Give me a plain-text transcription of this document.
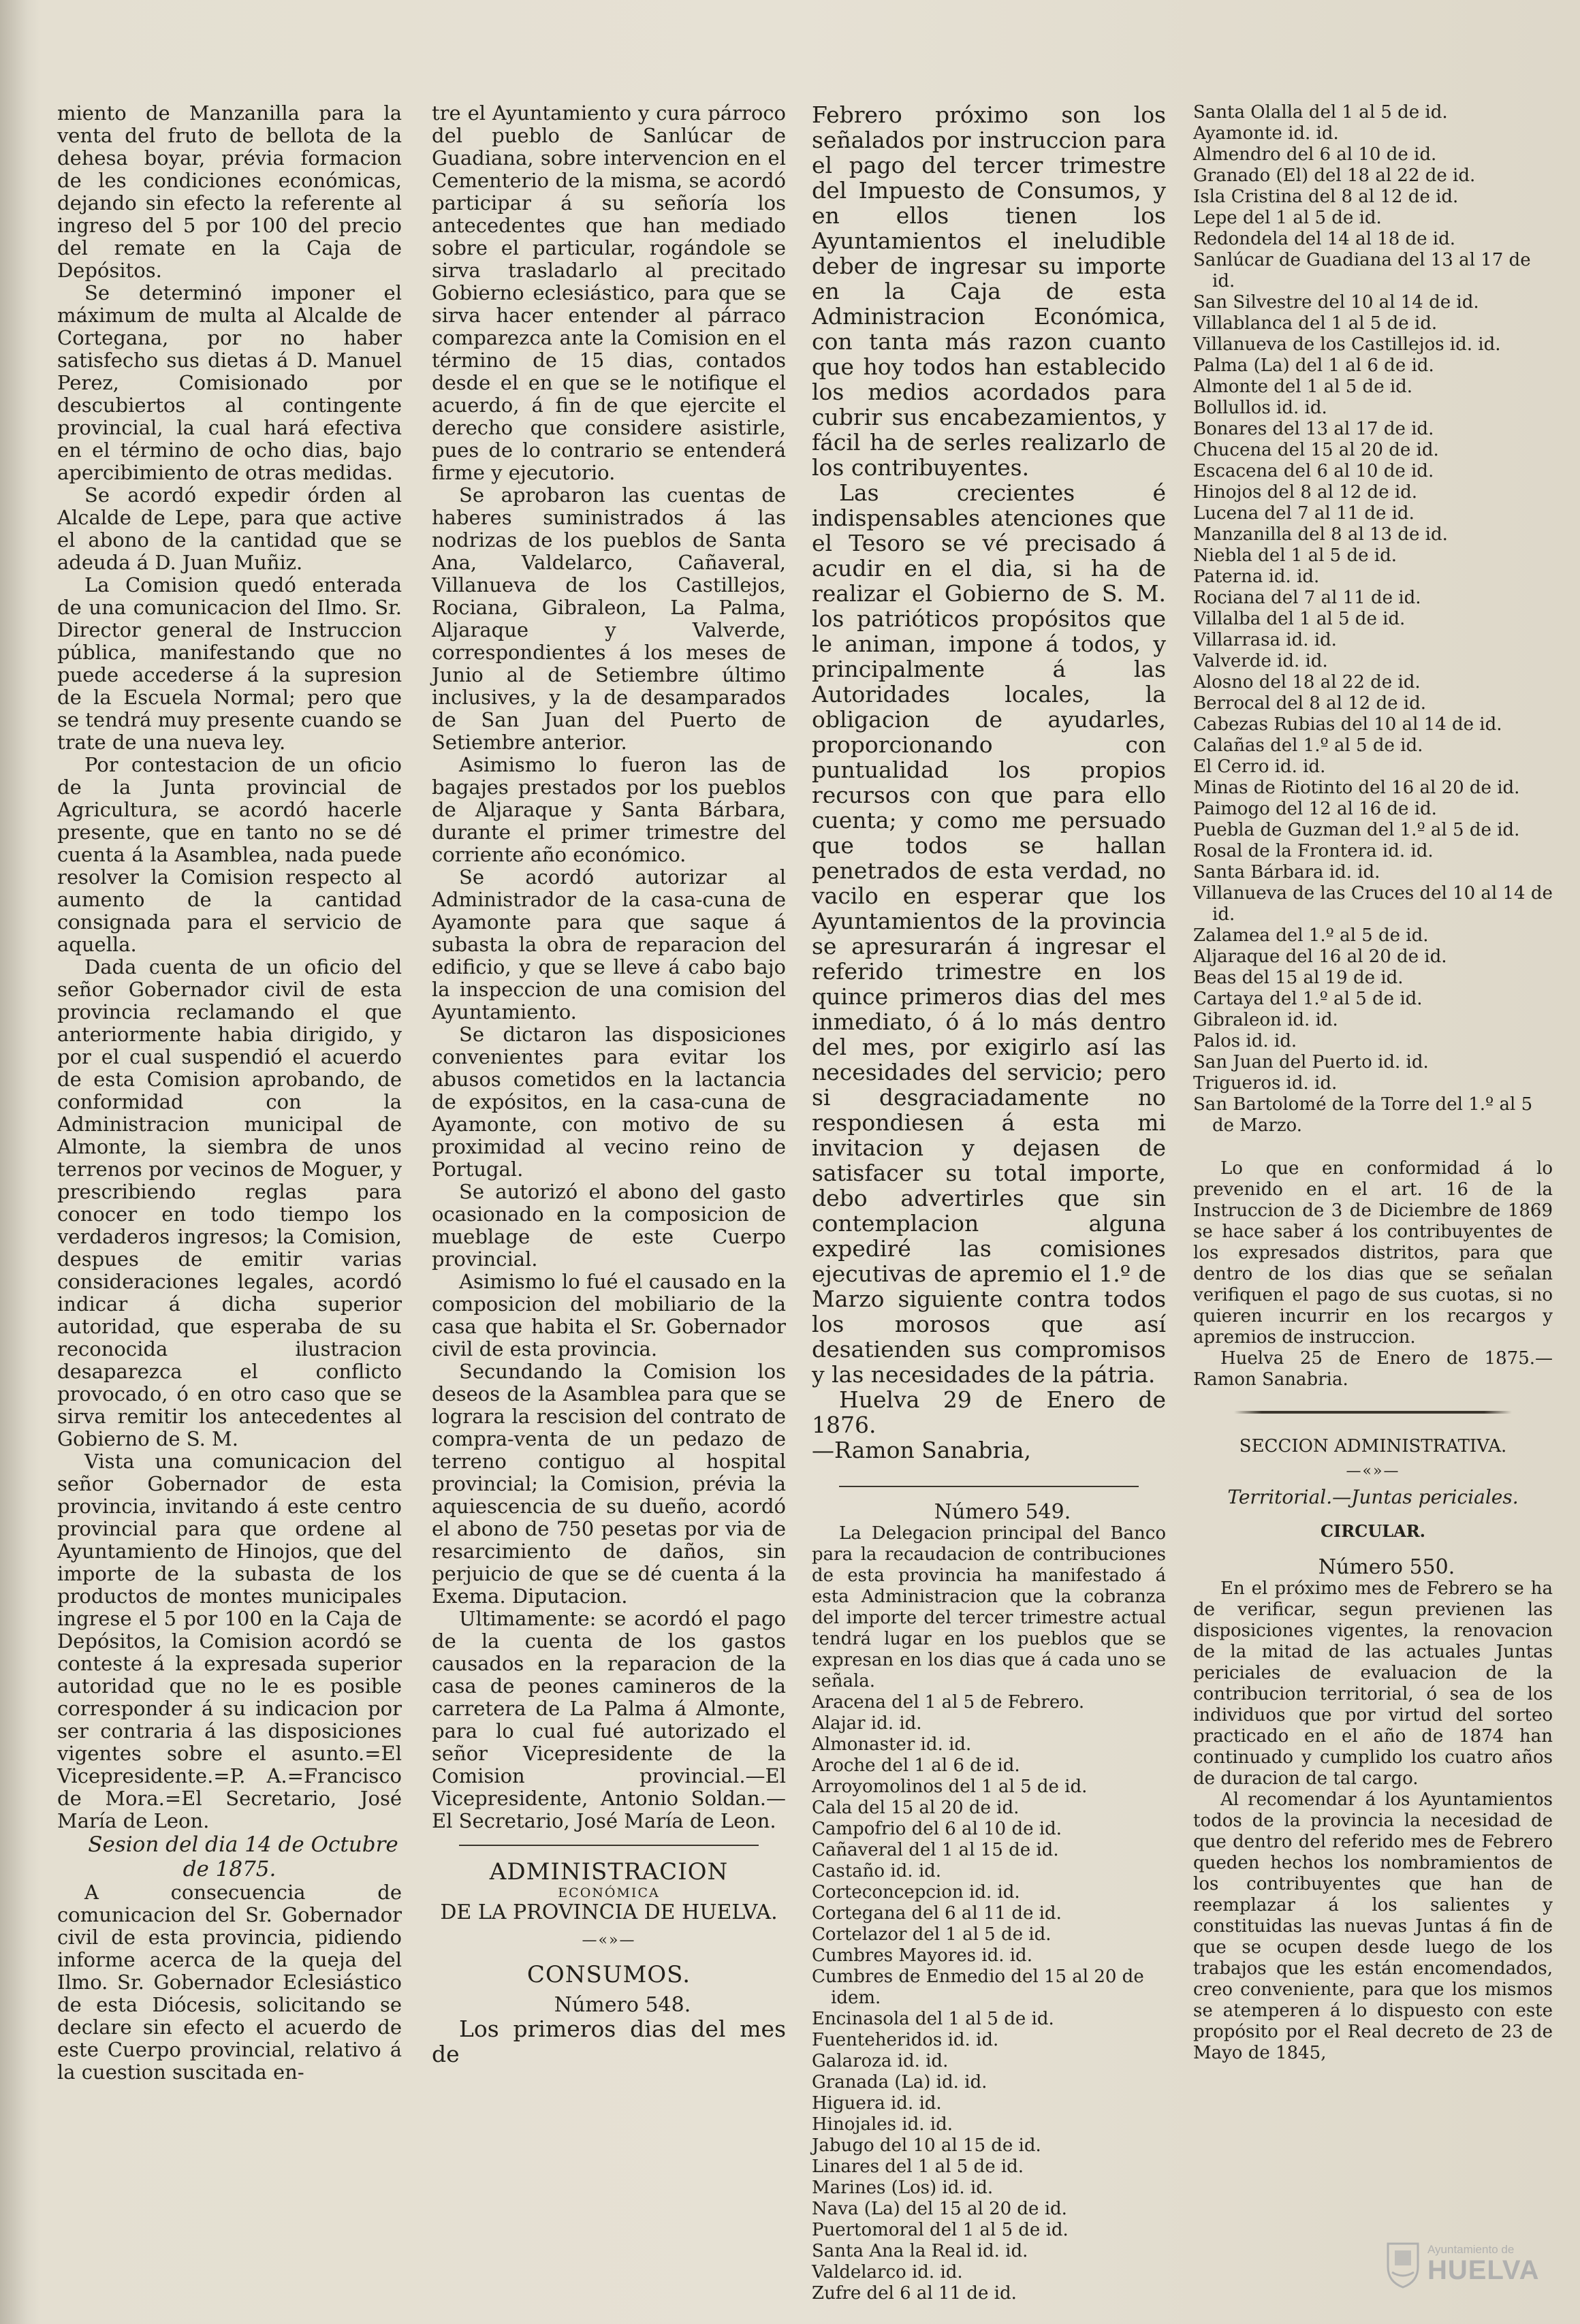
miento de Manzanilla para la venta del fruto de bellota de la dehesa boyar, prévia formacion de les condiciones económicas, dejando sin efecto la referente al ingreso del 5 por 100 del precio del remate en la Caja de Depósitos.

Se determinó imponer el máximum de multa al Alcalde de Cortegana, por no haber satisfecho sus dietas á D. Manuel Perez, Comisionado por descubiertos al contingente provincial, la cual hará efectiva en el término de ocho dias, bajo apercibimiento de otras medidas.

Se acordó expedir órden al Alcalde de Lepe, para que active el abono de la cantidad que se adeuda á D. Juan Muñiz.

La Comision quedó enterada de una comunicacion del Ilmo. Sr. Director general de Instruccion pública, manifestando que no puede accederse á la supresion de la Escuela Normal; pero que se tendrá muy presente cuando se trate de una nueva ley.

Por contestacion de un oficio de la Junta provincial de Agricultura, se acordó hacerle presente, que en tanto no se dé cuenta á la Asamblea, nada puede resolver la Comision respecto al aumento de la cantidad consignada para el servicio de aquella.

Dada cuenta de un oficio del señor Gobernador civil de esta provincia reclamando el que anteriormente habia dirigido, y por el cual suspendió el acuerdo de esta Comision aprobando, de conformidad con la Administracion municipal de Almonte, la siembra de unos terrenos por vecinos de Moguer, y prescribiendo reglas para conocer en todo tiempo los verdaderos ingresos; la Comision, despues de emitir varias consideraciones legales, acordó indicar á dicha superior autoridad, que esperaba de su reconocida ilustracion desaparezca el conflicto provocado, ó en otro caso que se sirva remitir los antecedentes al Gobierno de S. M.

Vista una comunicacion del señor Gobernador de esta provincia, invitando á este centro provincial para que ordene al Ayuntamiento de Hinojos, que del importe de la subasta de los productos de montes municipales ingrese el 5 por 100 en la Caja de Depósitos, la Comision acordó se conteste á la expresada superior autoridad que no le es posible corresponder á su indicacion por ser contraria á las disposiciones vigentes sobre el asunto.=El Vicepresidente.=P. A.=Francisco de Mora.=El Secretario, José María de Leon.

Sesion del dia 14 de Octubre de 1875.

A consecuencia de comunicacion del Sr. Gobernador civil de esta provincia, pidiendo informe acerca de la queja del Ilmo. Sr. Gobernador Eclesiástico de esta Diócesis, solicitando se declare sin efecto el acuerdo de este Cuerpo provincial, relativo á la cuestion suscitada en-

tre el Ayuntamiento y cura párroco del pueblo de Sanlúcar de Guadiana, sobre intervencion en el Cementerio de la misma, se acordó participar á su señoría los antecedentes que han mediado sobre el particular, rogándole se sirva trasladarlo al precitado Gobierno eclesiástico, para que se sirva hacer entender al párraco comparezca ante la Comision en el término de 15 dias, contados desde el en que se le notifique el acuerdo, á fin de que ejercite el derecho que considere asistirle, pues de lo contrario se entenderá firme y ejecutorio.

Se aprobaron las cuentas de haberes suministrados á las nodrizas de los pueblos de Santa Ana, Valdelarco, Cañaveral, Villanueva de los Castillejos, Rociana, Gibraleon, La Palma, Aljaraque y Valverde, correspondientes á los meses de Junio al de Setiembre último inclusives, y la de desamparados de San Juan del Puerto de Setiembre anterior.

Asimismo lo fueron las de bagajes prestados por los pueblos de Aljaraque y Santa Bárbara, durante el primer trimestre del corriente año económico.

Se acordó autorizar al Administrador de la casa-cuna de Ayamonte para que saque á subasta la obra de reparacion del edificio, y que se lleve á cabo bajo la inspeccion de una comision del Ayuntamiento.

Se dictaron las disposiciones convenientes para evitar los abusos cometidos en la lactancia de expósitos, en la casa-cuna de Ayamonte, con motivo de su proximidad al vecino reino de Portugal.

Se autorizó el abono del gasto ocasionado en la composicion de mueblage de este Cuerpo provincial.

Asimismo lo fué el causado en la composicion del mobiliario de la casa que habita el Sr. Gobernador civil de esta provincia.

Secundando la Comision los deseos de la Asamblea para que se lograra la rescision del contrato de compra-venta de un pedazo de terreno contiguo al hospital provincial; la Comision, prévia la aquiescencia de su dueño, acordó el abono de 750 pesetas por via de resarcimiento de daños, sin perjuicio de que se dé cuenta á la Exema. Diputacion.

Ultimamente: se acordó el pago de la cuenta de los gastos causados en la reparacion de la casa de peones camineros de la carretera de La Palma á Almonte, para lo cual fué autorizado el señor Vicepresidente de la Comision provincial.—El Vicepresidente, Antonio Soldan.—El Secretario, José María de Leon.

ADMINISTRACION
ECONÓMICA
DE LA PROVINCIA DE HUELVA.
—«»—
CONSUMOS.

Número 548.

Los primeros dias del mes de

Febrero próximo son los señalados por instruccion para el pago del tercer trimestre del Impuesto de Consumos, y en ellos tienen los Ayuntamientos el ineludible deber de ingresar su importe en la Caja de esta Administracion Económica, con tanta más razon cuanto que hoy todos han establecido los medios acordados para cubrir sus encabezamientos, y fácil ha de serles realizarlo de los contribuyentes.

Las crecientes é indispensables atenciones que el Tesoro se vé precisado á acudir en el dia, si ha de realizar el Gobierno de S. M. los patrióticos propósitos que le animan, impone á todos, y principalmente á las Autoridades locales, la obligacion de ayudarles, proporcionando con puntualidad los propios recursos con que para ello cuenta; y como me persuado que todos se hallan penetrados de esta verdad, no vacilo en esperar que los Ayuntamientos de la provincia se apresurarán á ingresar el referido trimestre en los quince primeros dias del mes inmediato, ó á lo más dentro del mes, por exigirlo así las necesidades del servicio; pero si desgraciadamente no respondiesen á esta mi invitacion y dejasen de satisfacer su total importe, debo advertirles que sin contemplacion alguna expediré las comisiones ejecutivas de apremio el 1.º de Marzo siguiente contra todos los morosos que así desatienden sus compromisos y las necesidades de la pátria.

Huelva 29 de Enero de 1876.

—Ramon Sanabria,

Número 549.

La Delegacion principal del Banco para la recaudacion de contribuciones de esta provincia ha manifestado á esta Administracion que la cobranza del importe del tercer trimestre actual tendrá lugar en los pueblos que se expresan en los dias que á cada uno se señala.

Aracena del 1 al 5 de Febrero.

Alajar id. id.

Almonaster id. id.

Aroche del 1 al 6 de id.

Arroyomolinos del 1 al 5 de id.

Cala del 15 al 20 de id.

Campofrio del 6 al 10 de id.

Cañaveral del 1 al 15 de id.

Castaño id. id.

Corteconcepcion id. id.

Cortegana del 6 al 11 de id.

Cortelazor del 1 al 5 de id.

Cumbres Mayores id. id.

Cumbres de Enmedio del 15 al 20 de idem.

Encinasola del 1 al 5 de id.

Fuenteheridos id. id.

Galaroza id. id.

Granada (La) id. id.

Higuera id. id.

Hinojales id. id.

Jabugo del 10 al 15 de id.

Linares del 1 al 5 de id.

Marines (Los) id. id.

Nava (La) del 15 al 20 de id.

Puertomoral del 1 al 5 de id.

Santa Ana la Real id. id.

Valdelarco id. id.

Zufre del 6 al 11 de id.

Santa Olalla del 1 al 5 de id.

Ayamonte id. id.

Almendro del 6 al 10 de id.

Granado (El) del 18 al 22 de id.

Isla Cristina del 8 al 12 de id.

Lepe del 1 al 5 de id.

Redondela del 14 al 18 de id.

Sanlúcar de Guadiana del 13 al 17 de id.

San Silvestre del 10 al 14 de id.

Villablanca del 1 al 5 de id.

Villanueva de los Castillejos id. id.

Palma (La) del 1 al 6 de id.

Almonte del 1 al 5 de id.

Bollullos id. id.

Bonares del 13 al 17 de id.

Chucena del 15 al 20 de id.

Escacena del 6 al 10 de id.

Hinojos del 8 al 12 de id.

Lucena del 7 al 11 de id.

Manzanilla del 8 al 13 de id.

Niebla del 1 al 5 de id.

Paterna id. id.

Rociana del 7 al 11 de id.

Villalba del 1 al 5 de id.

Villarrasa id. id.

Valverde id. id.

Alosno del 18 al 22 de id.

Berrocal del 8 al 12 de id.

Cabezas Rubias del 10 al 14 de id.

Calañas del 1.º al 5 de id.

El Cerro id. id.

Minas de Riotinto del 16 al 20 de id.

Paimogo del 12 al 16 de id.

Puebla de Guzman del 1.º al 5 de id.

Rosal de la Frontera id. id.

Santa Bárbara id. id.

Villanueva de las Cruces del 10 al 14 de id.

Zalamea del 1.º al 5 de id.

Aljaraque del 16 al 20 de id.

Beas del 15 al 19 de id.

Cartaya del 1.º al 5 de id.

Gibraleon id. id.

Palos id. id.

San Juan del Puerto id. id.

Trigueros id. id.

San Bartolomé de la Torre del 1.º al 5 de Marzo.

Lo que en conformidad á lo prevenido en el art. 16 de la Instruccion de 3 de Diciembre de 1869 se hace saber á los contribuyentes de los expresados distritos, para que dentro de los dias que se señalan verifiquen el pago de sus cuotas, si no quieren incurrir en los recargos y apremios de instruccion.

Huelva 25 de Enero de 1875.—Ramon Sanabria.

SECCION ADMINISTRATIVA.
—«»—
Territorial.—Juntas periciales.
CIRCULAR.

Número 550.

En el próximo mes de Febrero se ha de verificar, segun previenen las disposiciones vigentes, la renovacion de la mitad de las actuales Juntas periciales de evaluacion de la contribucion territorial, ó sea de los individuos que por virtud del sorteo practicado en el año de 1874 han continuado y cumplido los cuatro años de duracion de tal cargo.

Al recomendar á los Ayuntamientos todos de la provincia la necesidad de que dentro del referido mes de Febrero queden hechos los nombramientos de los contribuyentes que han de reemplazar á los salientes y constituidas las nuevas Juntas á fin de que se ocupen desde luego de los trabajos que les están encomendados, creo conveniente, para que los mismos se atemperen á lo dispuesto con este propósito por el Real decreto de 23 de Mayo de 1845,

Ayuntamiento de
HUELVA
